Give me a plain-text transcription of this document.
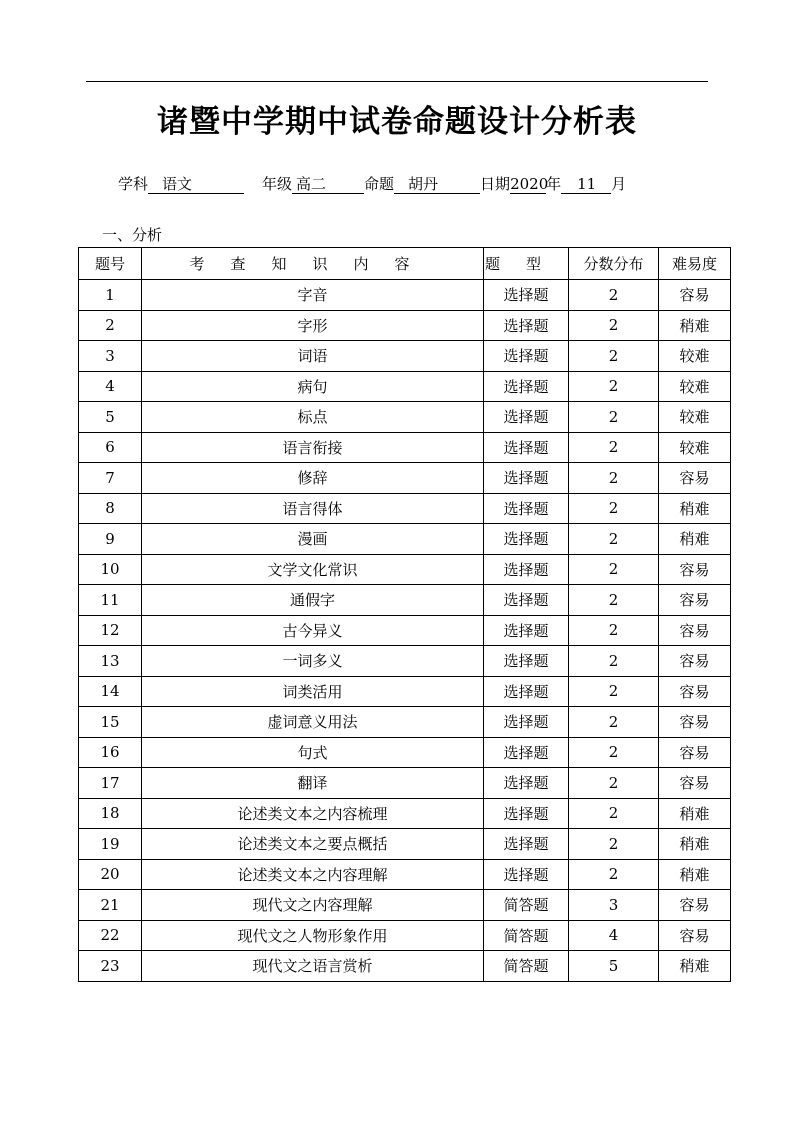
诸暨中学期中试卷命题设计分析表
学科 语文	年级 高二	命题 胡丹	日期2020年 11 月
一、分析
题号	考查知识内容	题型	分数分布	难易度
1	字音	选择题	2	容易
2	字形	选择题	2	稍难
3	词语	选择题	2	较难
4	病句	选择题	2	较难
5	标点	选择题	2	较难
6	语言衔接	选择题	2	较难
7	修辞	选择题	2	容易
8	语言得体	选择题	2	稍难
9	漫画	选择题	2	稍难
10	文学文化常识	选择题	2	容易
11	通假字	选择题	2	容易
12	古今异义	选择题	2	容易
13	一词多义	选择题	2	容易
14	词类活用	选择题	2	容易
15	虚词意义用法	选择题	2	容易
16	句式	选择题	2	容易
17	翻译	选择题	2	容易
18	论述类文本之内容梳理	选择题	2	稍难
19	论述类文本之要点概括	选择题	2	稍难
20	论述类文本之内容理解	选择题	2	稍难
21	现代文之内容理解	简答题	3	容易
22	现代文之人物形象作用	简答题	4	容易
23	现代文之语言赏析	简答题	5	稍难
